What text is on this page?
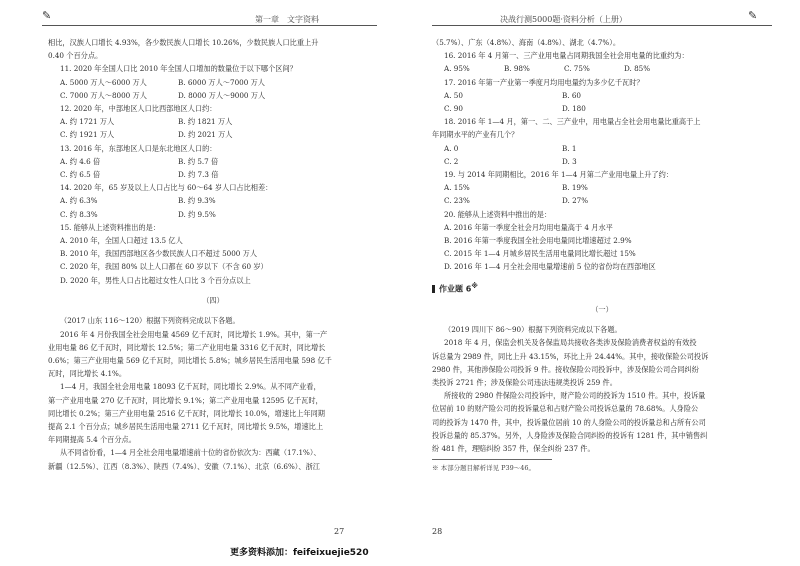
✎	✎
第一章　文字资料	决战行测5000题·资料分析（上册）

相比，汉族人口增长 4.93%，各少数民族人口增长 10.26%，少数民族人口比重上升

0.40 个百分点。

11. 2020 年全国人口比 2010 年全国人口增加的数量位于以下哪个区间？

A. 5000 万人～6000 万人	B. 6000 万人～7000 万人
C. 7000 万人～8000 万人	D. 8000 万人～9000 万人

12. 2020 年，中部地区人口比西部地区人口约：

A. 约 1721 万人	B. 约 1821 万人
C. 约 1921 万人	D. 约 2021 万人

13. 2016 年，东部地区人口是东北地区人口的：

A. 约 4.6 倍	B. 约 5.7 倍
C. 约 6.5 倍	D. 约 7.3 倍

14. 2020 年，65 岁及以上人口占比与 60～64 岁人口占比相差：

A. 约 6.3%	B. 约 9.3%
C. 约 8.3%	D. 约 9.5%

15. 能够从上述资料推出的是：

A. 2010 年，全国人口超过 13.5 亿人

B. 2010 年，我国西部地区各少数民族人口不超过 5000 万人

C. 2020 年，我国 80% 以上人口都在 60 岁以下（不含 60 岁）

D. 2020 年，男性人口占比超过女性人口比 3 个百分点以上

（四）

（2017 山东 116～120）根据下列资料完成以下各题。

2016 年 4 月份我国全社会用电量 4569 亿千瓦时，同比增长 1.9%。其中，第一产

业用电量 86 亿千瓦时，同比增长 12.5%；第二产业用电量 3316 亿千瓦时，同比增长

0.6%；第三产业用电量 569 亿千瓦时，同比增长 5.8%；城乡居民生活用电量 598 亿千

瓦时，同比增长 4.1%。

1—4 月，我国全社会用电量 18093 亿千瓦时，同比增长 2.9%。从不同产业看，

第一产业用电量 270 亿千瓦时，同比增长 9.1%；第二产业用电量 12595 亿千瓦时，

同比增长 0.2%；第三产业用电量 2516 亿千瓦时，同比增长 10.0%，增速比上年同期

提高 2.1 个百分点；城乡居民生活用电量 2711 亿千瓦时，同比增长 9.5%，增速比上

年同期提高 5.4 个百分点。

从不同省份看，1—4 月全社会用电量增速前十位的省份依次为：西藏（17.1%）、

新疆（12.5%）、江西（8.3%）、陕西（7.4%）、安徽（7.1%）、北京（6.6%）、浙江

（5.7%）、广东（4.8%）、海南（4.8%）、湖北（4.7%）。

16. 2016 年 4 月第一、三产业用电量占同期我国全社会用电量的比重约为：

A. 95%	B. 98%	C. 75%	D. 85%

17. 2016 年第一产业第一季度月均用电量约为多少亿千瓦时？

A. 50	B. 60
C. 90	D. 180

18. 2016 年 1—4 月，第一、二、三产业中，用电量占全社会用电量比重高于上

年同期水平的产业有几个？

A. 0	B. 1
C. 2	D. 3

19. 与 2014 年同期相比，2016 年 1—4 月第二产业用电量上升了约：

A. 15%	B. 19%
C. 23%	D. 27%

20. 能够从上述资料中推出的是：

A. 2016 年第一季度全社会月均用电量高于 4 月水平

B. 2016 年第一季度我国全社会用电量同比增速超过 2.9%

C. 2015 年 1—4 月城乡居民生活用电量同比增长超过 15%

D. 2016 年 1—4 月全社会用电量增速前 5 位的省份均在西部地区

作业题 6※

（一）

（2019 四川下 86～90）根据下列资料完成以下各题。

2018 年 4 月，保监会机关及各保监局共接收各类涉及保险消费者权益的有效投

诉总量为 2989 件，同比上升 43.15%，环比上升 24.44%。其中，接收保险公司投诉

2980 件，其他涉保险公司投诉 9 件。接收保险公司投诉中，涉及保险公司合同纠纷

类投诉 2721 件；涉及保险公司违法违规类投诉 259 件。

所接收的 2980 件保险公司投诉中，财产险公司的投诉为 1510 件。其中，投诉量

位居前 10 的财产险公司的投诉量总和占财产险公司投诉总量的 78.68%。人身险公

司的投诉为 1470 件，其中，投诉量位居前 10 的人身险公司的投诉量总和占所有公司

投诉总量的 85.37%。另外，人身险涉及保险合同纠纷的投诉有 1281 件，其中销售纠

纷 481 件，理赔纠纷 357 件，保全纠纷 237 件。

※ 本部分题目解析详见 P39～46。

27	28
更多资料添加：feifeixuejie520
